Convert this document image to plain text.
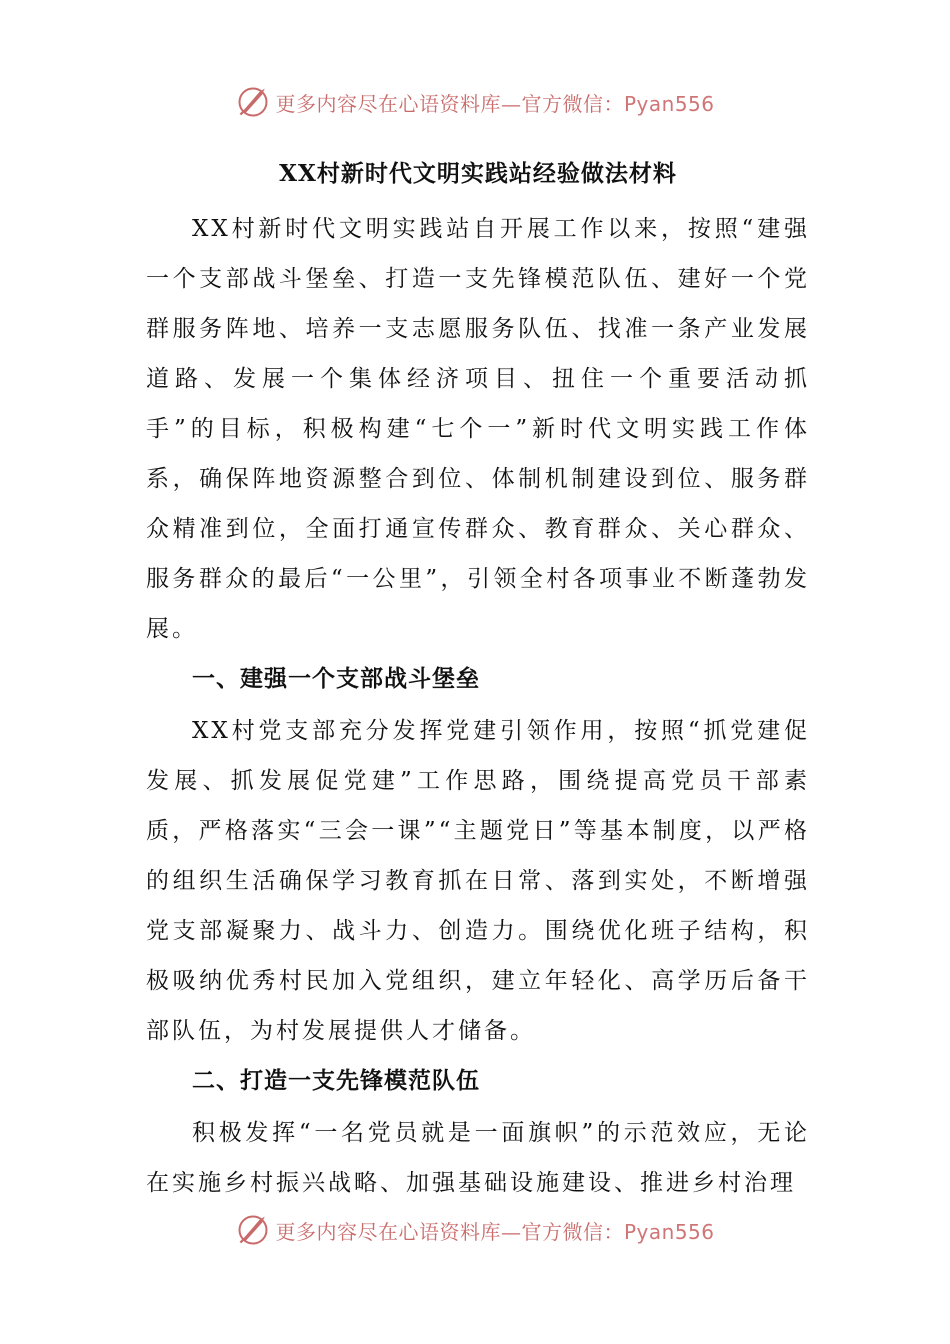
更多内容尽在心语资料库—官方微信：Pyan556
XX村新时代文明实践站经验做法材料

XX村新时代文明实践站自开展工作以来，按照“建强一个支部战斗堡垒、打造一支先锋模范队伍、建好一个党群服务阵地、培养一支志愿服务队伍、找准一条产业发展道路、发展一个集体经济项目、扭住一个重要活动抓手”的目标，积极构建“七个一”新时代文明实践工作体系，确保阵地资源整合到位、体制机制建设到位、服务群众精准到位，全面打通宣传群众、教育群众、关心群众、服务群众的最后“一公里”，引领全村各项事业不断蓬勃发展。

一、建强一个支部战斗堡垒

XX村党支部充分发挥党建引领作用，按照“抓党建促发展、抓发展促党建”工作思路，围绕提高党员干部素质，严格落实“三会一课”“主题党日”等基本制度，以严格的组织生活确保学习教育抓在日常、落到实处，不断增强党支部凝聚力、战斗力、创造力。围绕优化班子结构，积极吸纳优秀村民加入党组织，建立年轻化、高学历后备干部队伍，为村发展提供人才储备。

二、打造一支先锋模范队伍

积极发挥“一名党员就是一面旗帜”的示范效应，无论在实施乡村振兴战略、加强基础设施建设、推进乡村治理

更多内容尽在心语资料库—官方微信：Pyan556
